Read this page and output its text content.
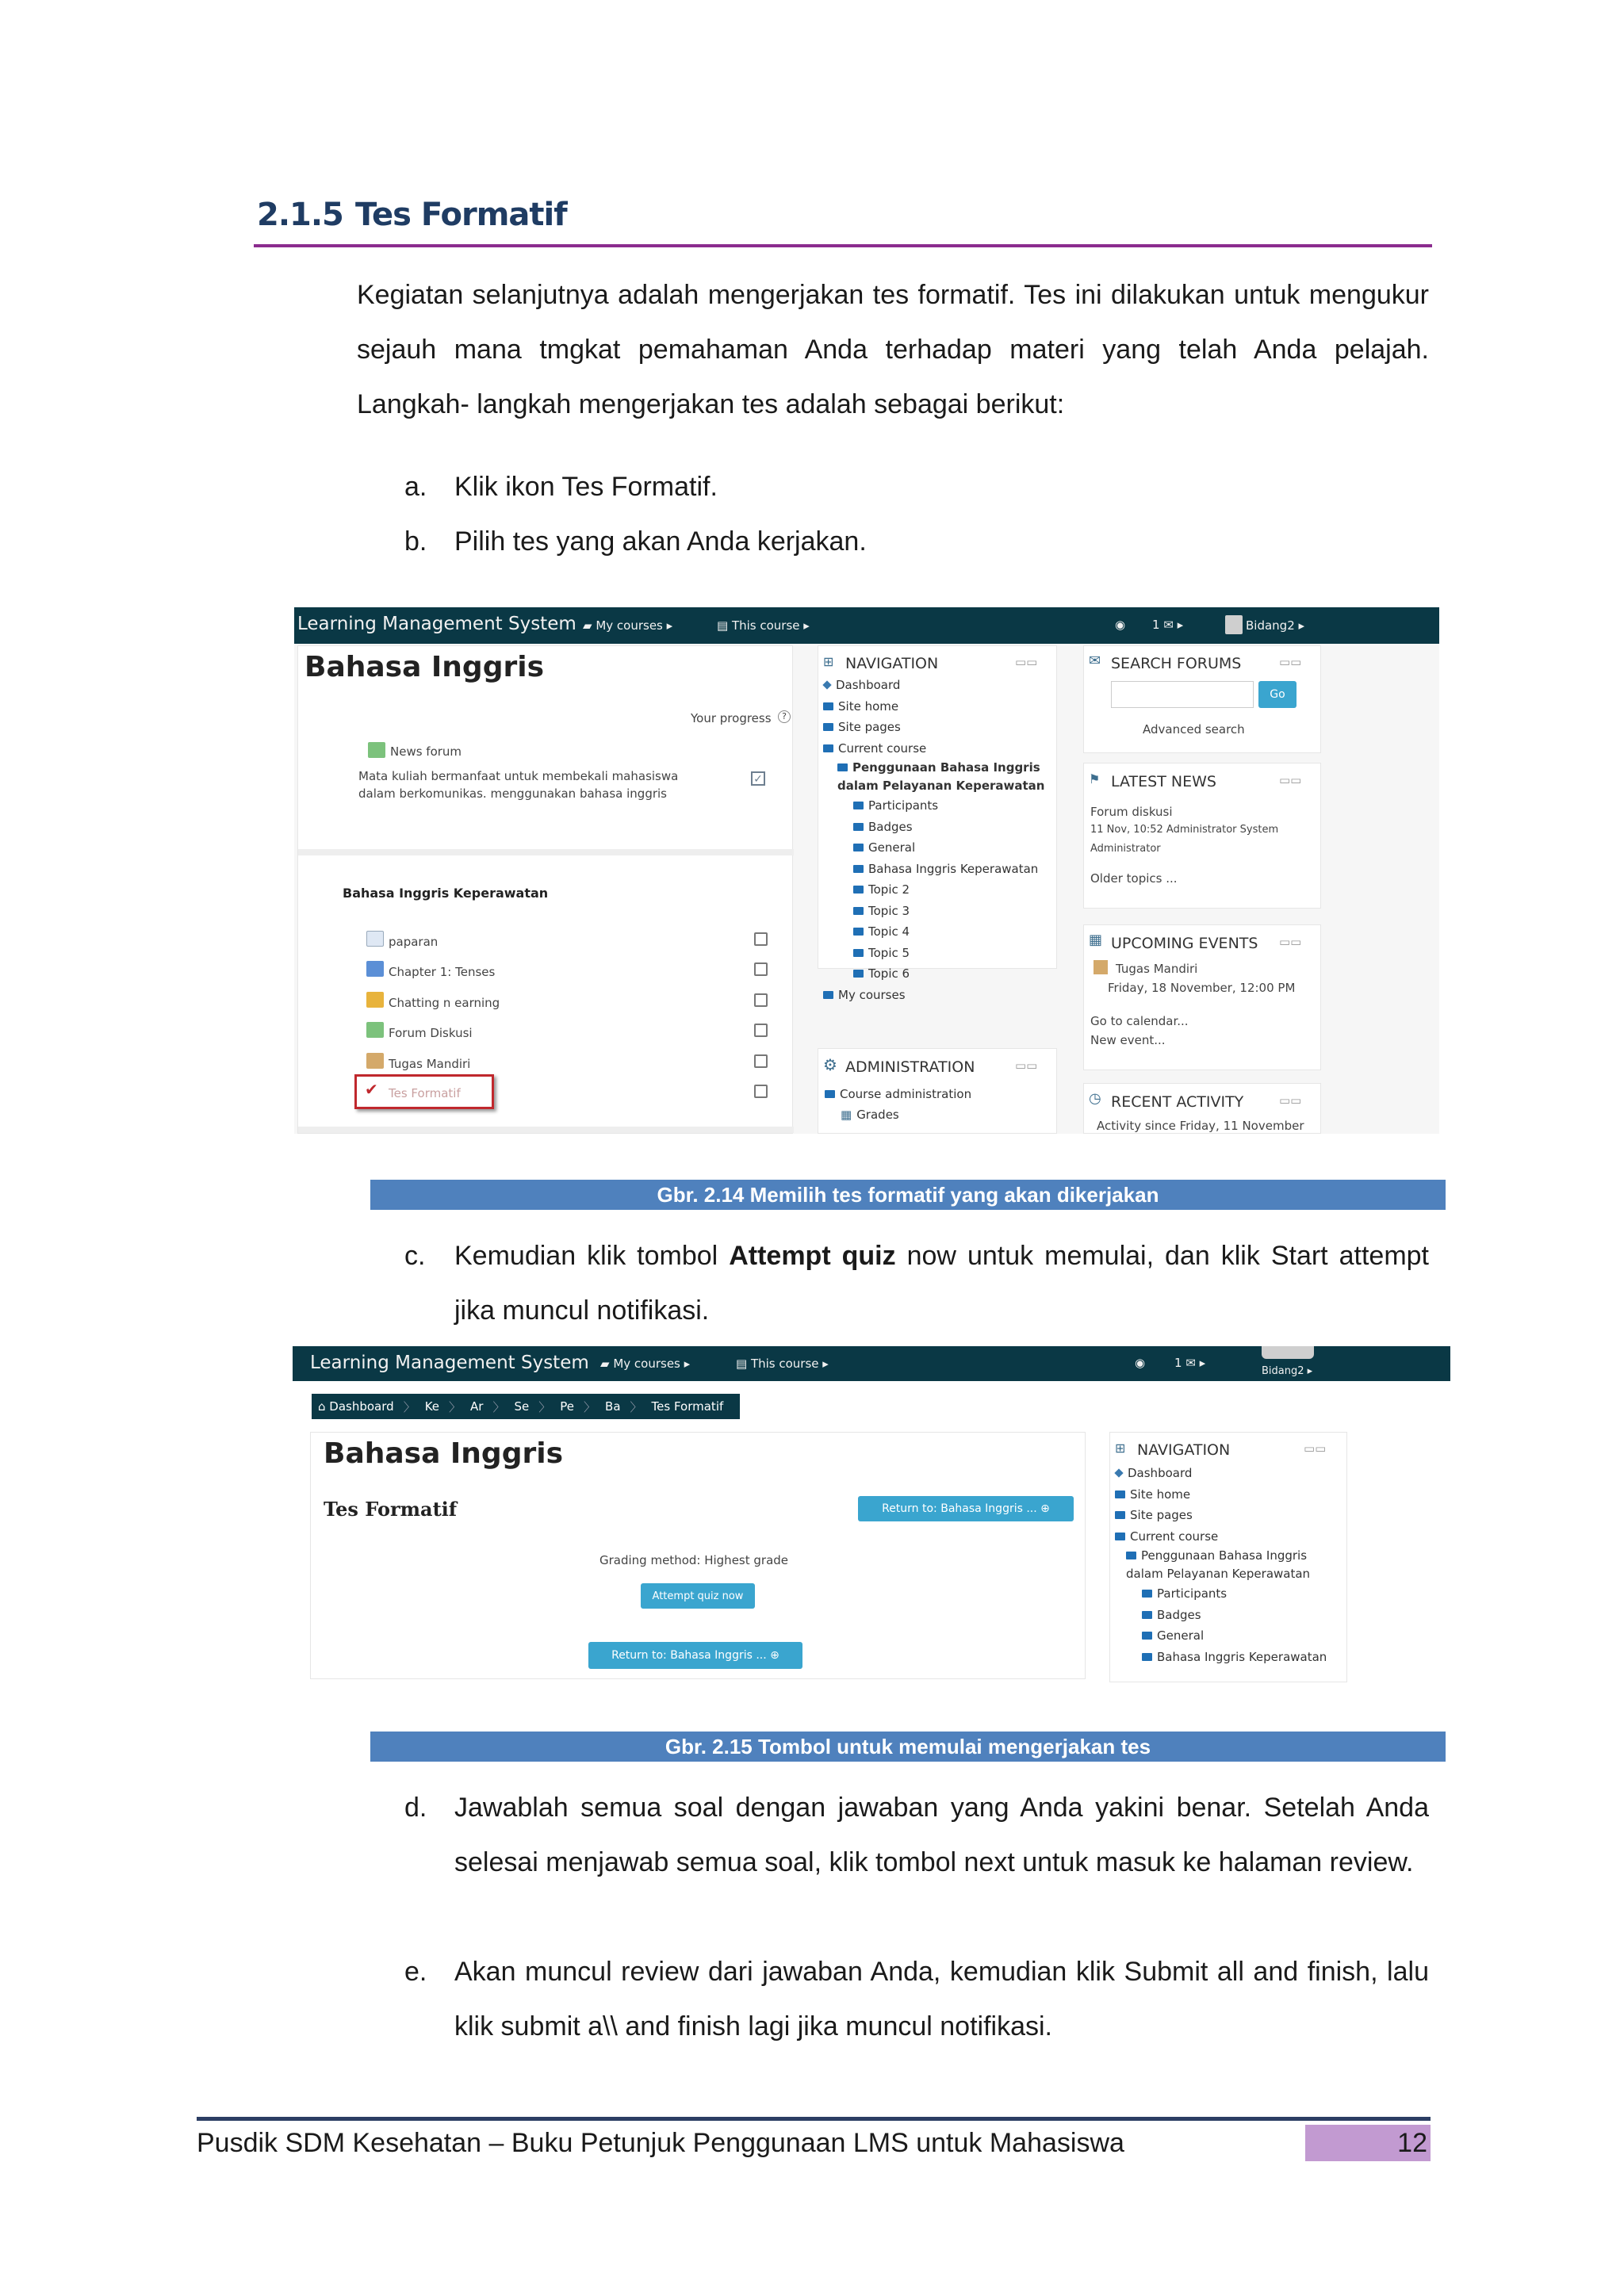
2.1.5 Tes Formatif
Kegiatan selanjutnya adalah mengerjakan tes formatif. Tes ini dilakukan untuk mengukur sejauh mana tmgkat pemahaman Anda terhadap materi yang telah Anda pelajah. Langkah- langkah mengerjakan tes adalah sebagai berikut:
a.	Klik ikon Tes Formatif.
b.	Pilih tes yang akan Anda kerjakan.
Learning Management System ▰ My courses ▸	▤ This course ▸	◉ 1 ✉ ▸	Bidang2 ▸
Bahasa Inggris
Your progress	?
News forum
Mata kuliah bermanfaat untuk membekali mahasiswa
dalam berkomunikas. menggunakan bahasa inggris
✓
Bahasa Inggris Keperawatan
paparan
Chapter 1: Tenses
Chatting n earning
Forum Diskusi
Tugas Mandiri
✔ Tes Formatif
⊞ NAVIGATION	▭▭
Dashboard
Site home
Site pages
Current course
Penggunaan Bahasa Inggris
dalam Pelayanan Keperawatan
Participants
Badges
General
Bahasa Inggris Keperawatan
Topic 2
Topic 3
Topic 4
Topic 5
Topic 6
My courses
⚙ ADMINISTRATION	▭▭
Course administration
▦ Grades
✉ SEARCH FORUMS	▭▭
Go
Advanced search
⚑ LATEST NEWS	▭▭
Forum diskusi
11 Nov, 10:52 Administrator System
Administrator
Older topics ...
▦ UPCOMING EVENTS ▭▭
Tugas Mandiri
Friday, 18 November, 12:00 PM
Go to calendar...
New event...
◷ RECENT ACTIVITY	▭▭
Activity since Friday, 11 November
Gbr. 2.14 Memilih tes formatif yang akan dikerjakan
c.	Kemudian klik tombol Attempt quiz now untuk memulai, dan klik Start attempt jika muncul notifikasi.
Learning Management System ▰ My courses ▸	▤ This course ▸	◉ 1 ✉ ▸
Bidang2 ▸
⌂ Dashboard 〉 Ke 〉 Ar 〉 Se 〉 Pe 〉 Ba 〉 Tes Formatif
Bahasa Inggris
Tes Formatif	Return to: Bahasa Inggris ... ⊕
Grading method: Highest grade
Attempt quiz now
Return to: Bahasa Inggris ... ⊕
⊞ NAVIGATION	▭▭
Dashboard
Site home
Site pages
Current course
Penggunaan Bahasa Inggris
dalam Pelayanan Keperawatan
Participants
Badges
General
Bahasa Inggris Keperawatan
Gbr. 2.15 Tombol untuk memulai mengerjakan tes
d.	Jawablah semua soal dengan jawaban yang Anda yakini benar. Setelah Anda selesai menjawab semua soal, klik tombol next untuk masuk ke halaman review.
e.	Akan muncul review dari jawaban Anda, kemudian klik Submit all and finish, lalu klik submit a\\ and finish lagi jika muncul notifikasi.
Pusdik SDM Kesehatan – Buku Petunjuk Penggunaan LMS untuk Mahasiswa	12
